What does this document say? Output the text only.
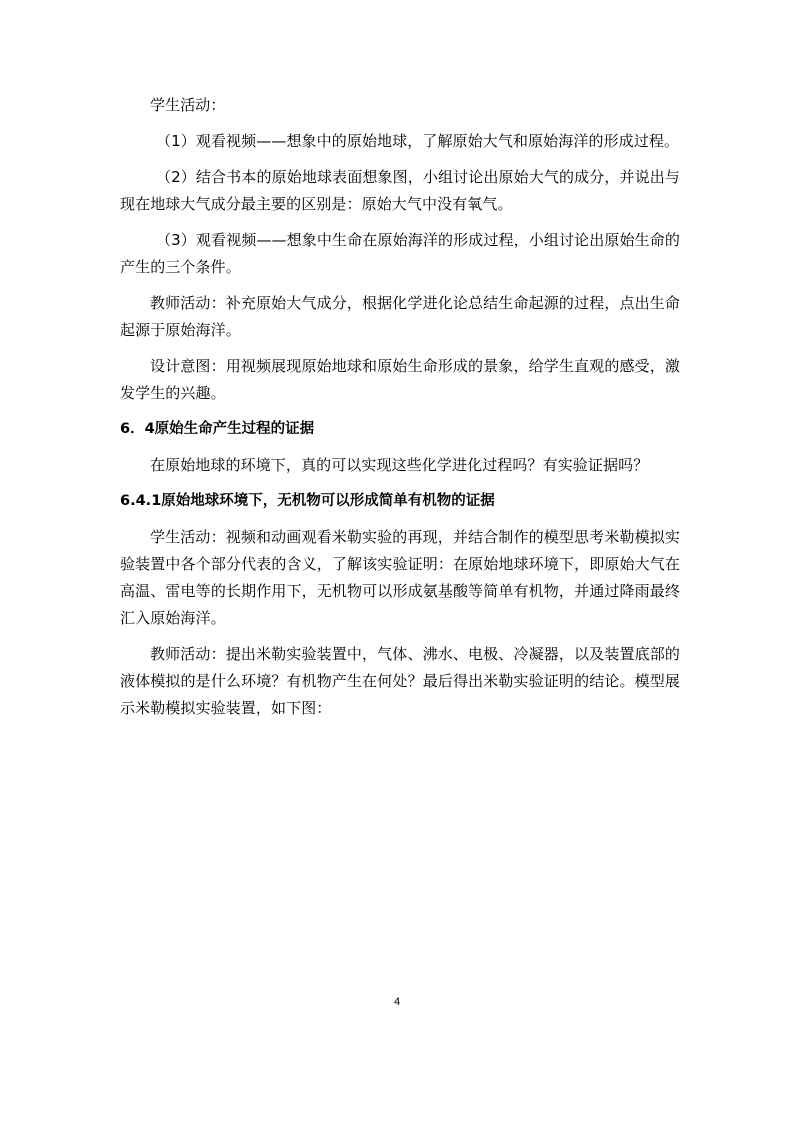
学生活动：

（1）观看视频——想象中的原始地球，了解原始大气和原始海洋的形成过程。

（2）结合书本的原始地球表面想象图，小组讨论出原始大气的成分，并说出与现在地球大气成分最主要的区别是：原始大气中没有氧气。

（3）观看视频——想象中生命在原始海洋的形成过程，小组讨论出原始生命的产生的三个条件。

教师活动：补充原始大气成分，根据化学进化论总结生命起源的过程，点出生命起源于原始海洋。

设计意图：用视频展现原始地球和原始生命形成的景象，给学生直观的感受，激发学生的兴趣。

6．4原始生命产生过程的证据

在原始地球的环境下，真的可以实现这些化学进化过程吗？有实验证据吗？

6.4.1原始地球环境下，无机物可以形成简单有机物的证据

学生活动：视频和动画观看米勒实验的再现，并结合制作的模型思考米勒模拟实验装置中各个部分代表的含义，了解该实验证明：在原始地球环境下，即原始大气在高温、雷电等的长期作用下，无机物可以形成氨基酸等简单有机物，并通过降雨最终汇入原始海洋。

教师活动：提出米勒实验装置中，气体、沸水、电极、冷凝器，以及装置底部的液体模拟的是什么环境？有机物产生在何处？最后得出米勒实验证明的结论。模型展示米勒模拟实验装置，如下图：

4
